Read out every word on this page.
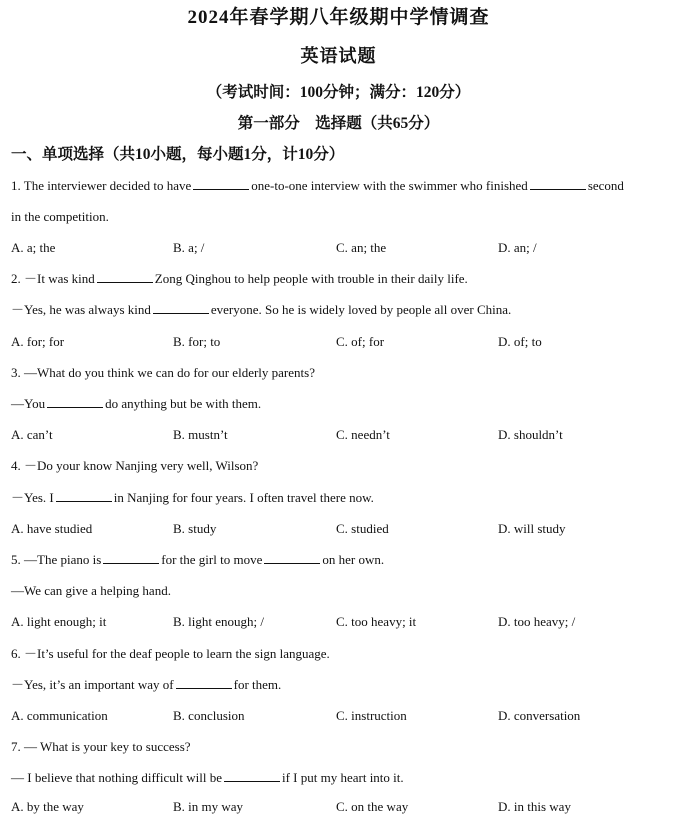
2024年春学期八年级期中学情调查
英语试题
（考试时间：100分钟；满分：120分）
第一部分　选择题（共65分）
一、单项选择（共10小题，每小题1分，计10分）
1. The interviewer decided to have	one-to-one interview with the swimmer who finished	second
in the competition.
A. a; the	B. a; /	C. an; the	D. an; /
2. －It was kind	Zong Qinghou to help people with trouble in their daily life.
－Yes, he was always kind	everyone. So he is widely loved by people all over China.
A. for; for	B. for; to	C. of; for	D. of; to
3. —What do you think we can do for our elderly parents?
—You	do anything but be with them.
A. can’t	B. mustn’t	C. needn’t	D. shouldn’t
4. －Do your know Nanjing very well, Wilson?
－Yes. I	in Nanjing for four years. I often travel there now.
A. have studied	B. study	C. studied	D. will study
5. —The piano is	for the girl to move	on her own.
—We can give a helping hand.
A. light enough; it	B. light enough; /	C. too heavy; it	D. too heavy; /
6. －It’s useful for the deaf people to learn the sign language.
－Yes, it’s an important way of	for them.
A. communication	B. conclusion	C. instruction	D. conversation
7. — What is your key to success?
— I believe that nothing difficult will be	if I put my heart into it.
A. by the way	B. in my way	C. on the way	D. in this way
